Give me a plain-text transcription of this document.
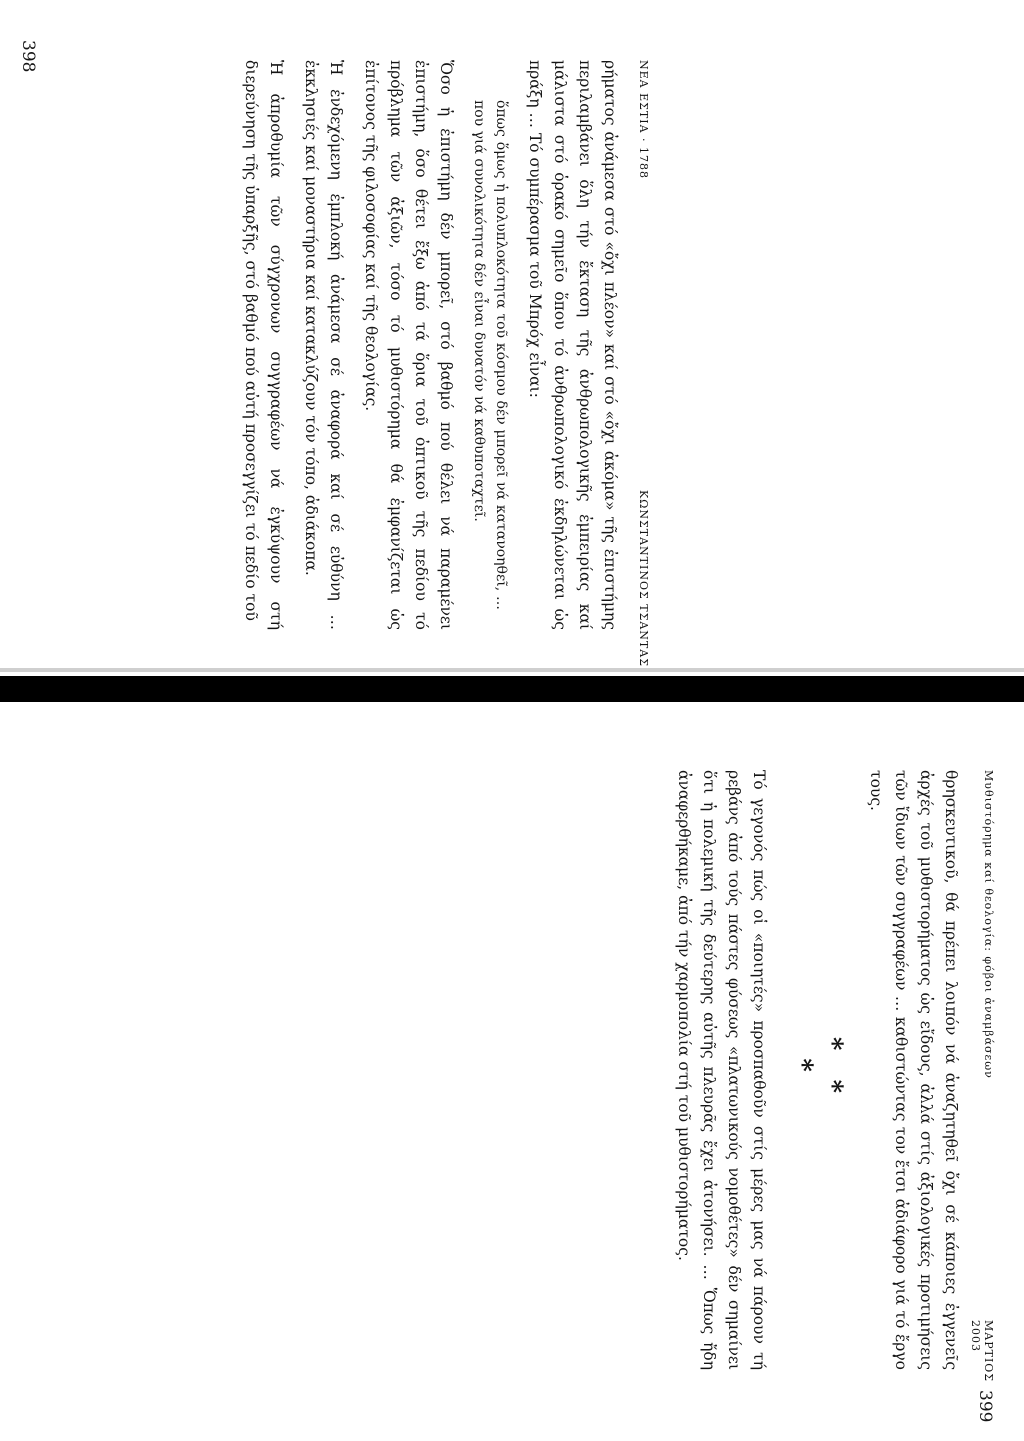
ΝΕΑ ΕΣΤΙΑ · 1788
ΚΩΝΣΤΑΝΤΙΝΟΣ ΤΣΑΝΤΑΣ

ρήματος ἀνάμεσα στό «ὄχι πλέον» καί στό «ὄχι ἀκόμα» τῆς ἐπιστήμης περιλαμβάνει ὅλη τήν ἔκταση τῆς ἀνθρωπολογικῆς ἐμπειρίας καί μάλιστα στό ὁρακό σημεῖο ὅπου τό ἀνθρωπολογικό ἐκδηλώνεται ὡς πράξη … Τό συμπέρασμα τοῦ Μπρόχ εἶναι:

ὅπως ὅμως ἡ πολυπλοκότητα τοῦ κόσμου δέν μπορεῖ νά κατανοηθεῖ, … που γιά συνολικότητα δέν εἶναι δυνατόν νά καθυποταχτεῖ.

Ὅσο ἡ ἐπιστήμη δέν μπορεῖ, στό βαθμό πού θέλει νά παραμένει ἐπιστήμη, ὅσο θέτει ἔξω ἀπό τά ὅρια τοῦ ὀπτικοῦ τῆς πεδίου τό πρόβλημα τῶν ἀξιῶν, τόσο τό μυθιστόρημα θά ἐμφανίζεται ὡς ἐπίτονος τῆς φιλοσοφίας καί τῆς θεολογίας.

Ἡ ἐνδεχόμενη ἐμπλοκή ἀνάμεσα σέ ἀναφορά καί σέ εὐθύνη … ἐκκλησιές καί μοναστήρια καί κατακλύζουν τόν τόπο, ἀδιάκοπα.

Ἡ ἀπροθυμία τῶν σύγχρονων συγγραφέων νά ἐγκύψουν στή διερεύνηση τῆς ὑπαρξῆς, στό βαθμό πού αὐτή προσεγγίζει τό πεδίο τοῦ

398
Μυθιστόρημα καί θεολογία: φόβοι ἀναμβάσεων
ΜΑΡΤΙΟΣ 2003

θρησκευτικοῦ, θά πρέπει λοιπόν νά ἀναζητηθεῖ ὄχι σέ κάποιες ἐγγενεῖς ἀρχές τοῦ μυθιστορήματος ὡς εἴδους, ἀλλά στίς ἀξιολογικές προτιμήσεις τῶν ἴδιων τῶν συγγραφέων … καθιστώντας τον ἔτσι ἀδιάφορο γιά τό ἔργο τους.

* *
*

Τό γεγονός πώς οἱ «ποιητές» προσπαθοῦν στίς μέρες μας νά πάρουν τή ρεβάνς ἀπό τούς πάστες φύσεως «πλατωνικούς νομοθέτες» δέν σημαίνει ὅτι ἡ πολεμική τῆς δεύτερης αὐτῆς πλευρᾶς ἔχει ἀτονήσει. … Ὅπως ἤδη ἀναφερθήκαμε, ἀπό τήν χαρμοπολία στή τοῦ μυθιστορήματος.

399
